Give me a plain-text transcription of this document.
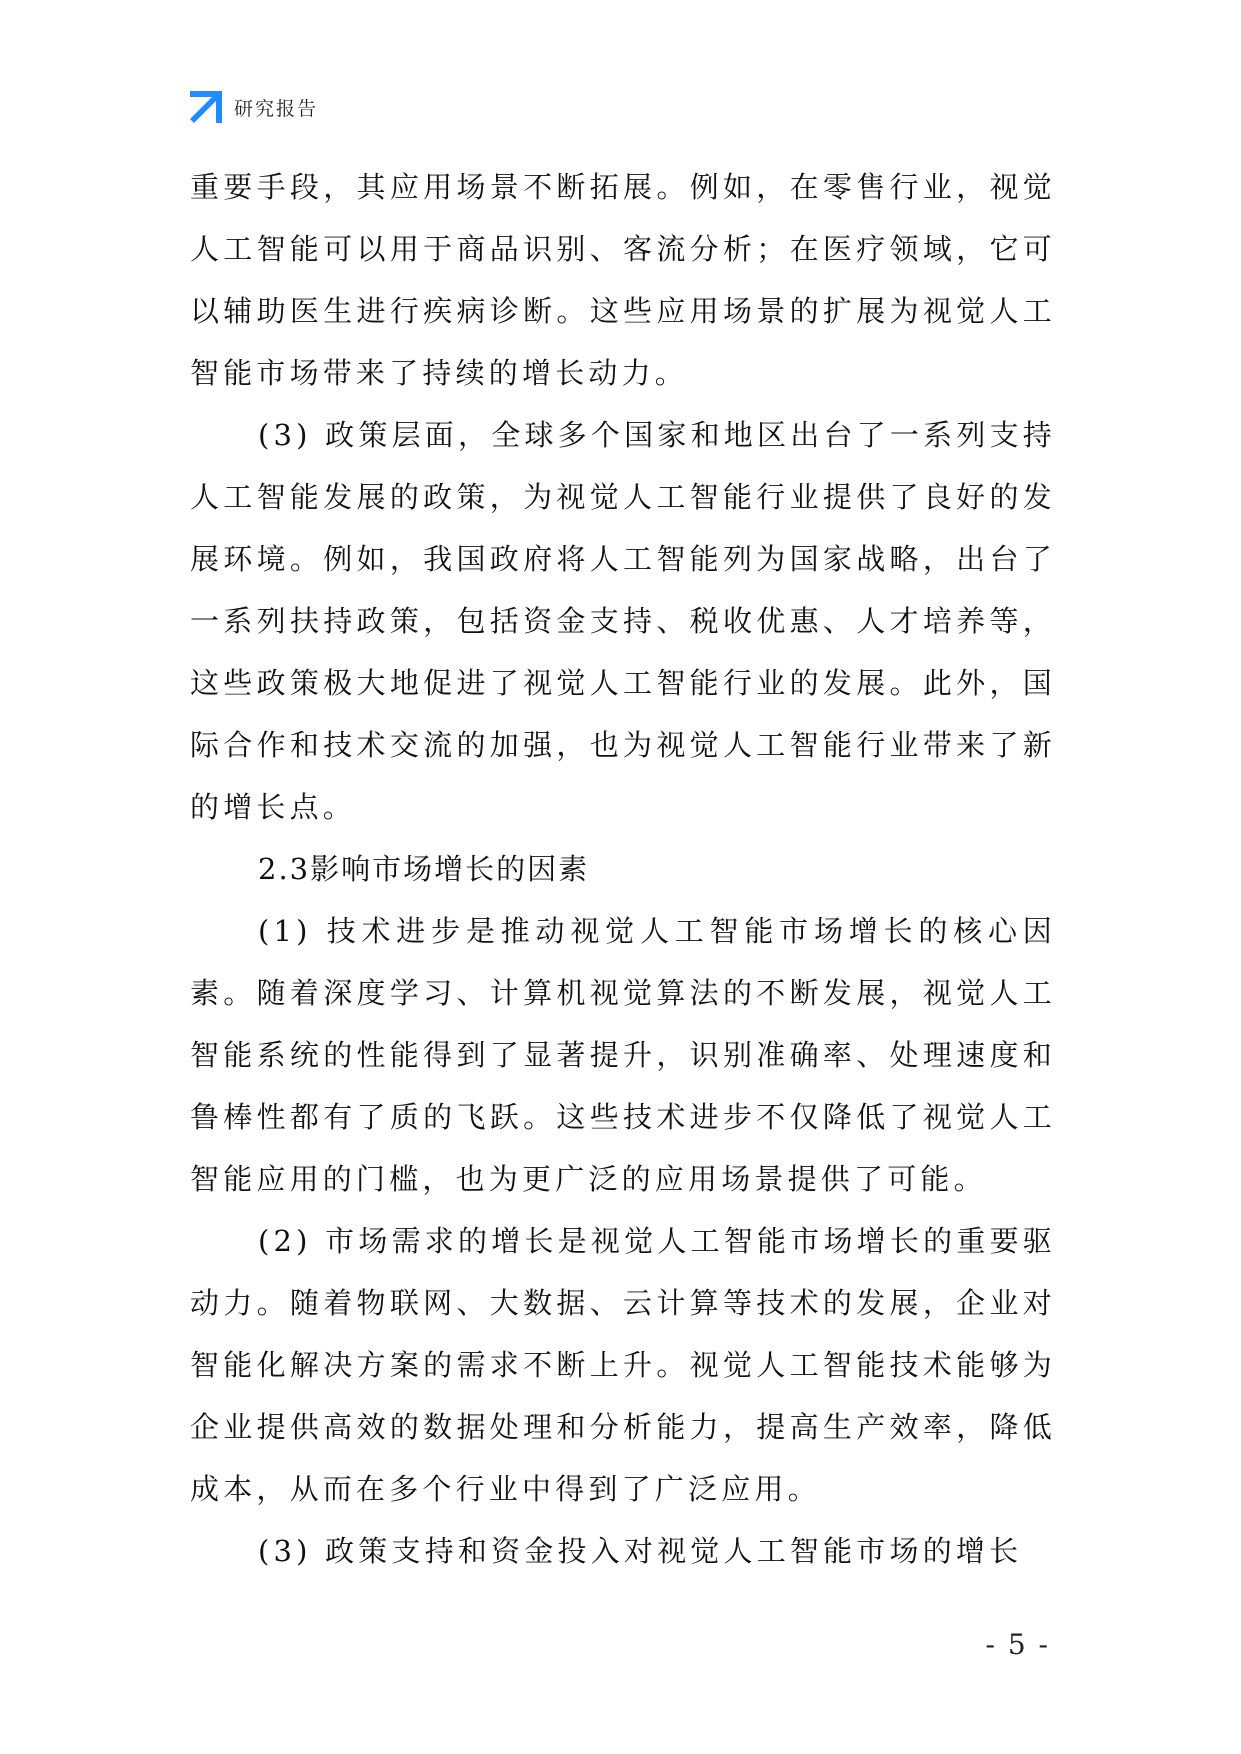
研究报告

重要手段，其应用场景不断拓展。例如，在零售行业，视觉人工智能可以用于商品识别、客流分析；在医疗领域，它可以辅助医生进行疾病诊断。这些应用场景的扩展为视觉人工智能市场带来了持续的增长动力。

(3) 政策层面，全球多个国家和地区出台了一系列支持人工智能发展的政策，为视觉人工智能行业提供了良好的发展环境。例如，我国政府将人工智能列为国家战略，出台了一系列扶持政策，包括资金支持、税收优惠、人才培养等，这些政策极大地促进了视觉人工智能行业的发展。此外，国际合作和技术交流的加强，也为视觉人工智能行业带来了新的增长点。

2.3影响市场增长的因素

(1) 技术进步是推动视觉人工智能市场增长的核心因素。随着深度学习、计算机视觉算法的不断发展，视觉人工智能系统的性能得到了显著提升，识别准确率、处理速度和鲁棒性都有了质的飞跃。这些技术进步不仅降低了视觉人工智能应用的门槛，也为更广泛的应用场景提供了可能。

(2) 市场需求的增长是视觉人工智能市场增长的重要驱动力。随着物联网、大数据、云计算等技术的发展，企业对智能化解决方案的需求不断上升。视觉人工智能技术能够为企业提供高效的数据处理和分析能力，提高生产效率，降低成本，从而在多个行业中得到了广泛应用。

(3) 政策支持和资金投入对视觉人工智能市场的增长

- 5 -
